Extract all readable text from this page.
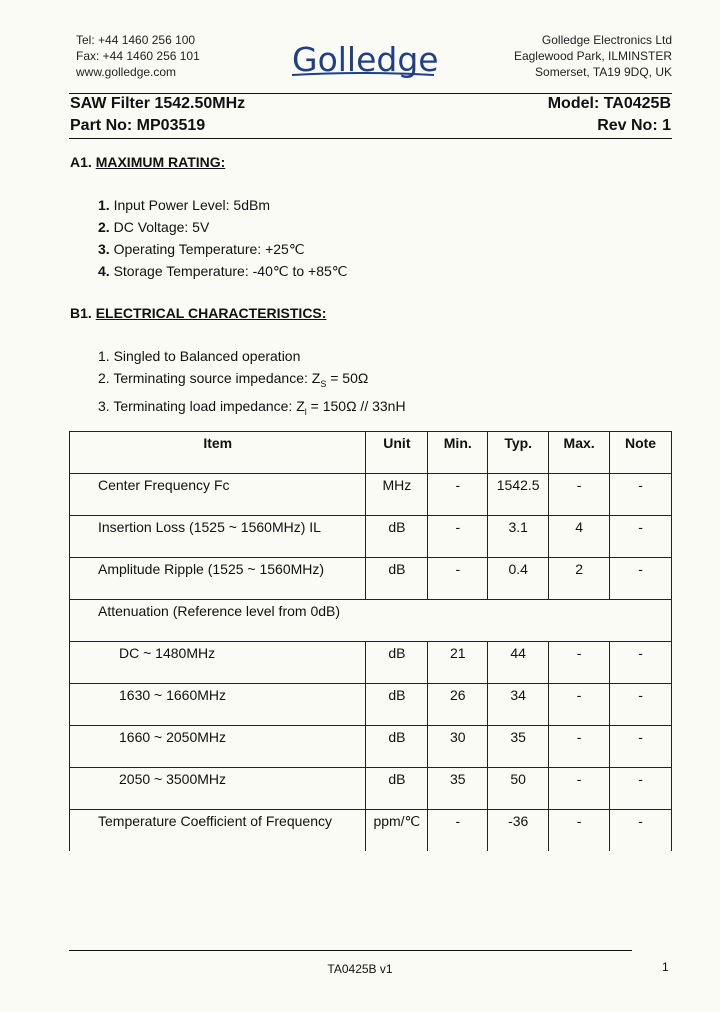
Tel: +44 1460 256 100
Fax: +44 1460 256 101
www.golledge.com	Golledge	Golledge Electronics Ltd
Eaglewood Park, ILMINSTER
Somerset, TA19 9DQ, UK
SAW Filter 1542.50MHz	Model: TA0425B
Part No: MP03519	Rev No: 1
A1. MAXIMUM RATING:
1. Input Power Level: 5dBm
2. DC Voltage: 5V
3. Operating Temperature: +25℃
4. Storage Temperature: -40℃ to +85℃
B1. ELECTRICAL CHARACTERISTICS:
1. Singled to Balanced operation
2. Terminating source impedance: $Z_S = 50\Omega$
3. Terminating load impedance: $Z_l = 150\Omega // 33nH$
Item	Unit	Min.	Typ.	Max.	Note
Center Frequency Fc	MHz	-	1542.5	-	-
Insertion Loss (1525 ~ 1560MHz) IL	dB	-	3.1	4	-
Amplitude Ripple (1525 ~ 1560MHz)	dB	-	0.4	2	-
Attenuation (Reference level from 0dB)					
DC ~ 1480MHz	dB	21	44	-	-
1630 ~ 1660MHz	dB	26	34	-	-
1660 ~ 2050MHz	dB	30	35	-	-
2050 ~ 3500MHz	dB	35	50	-	-
Temperature Coefficient of Frequency	ppm/℃	-	-36	-	-
TA0425B v1	1
